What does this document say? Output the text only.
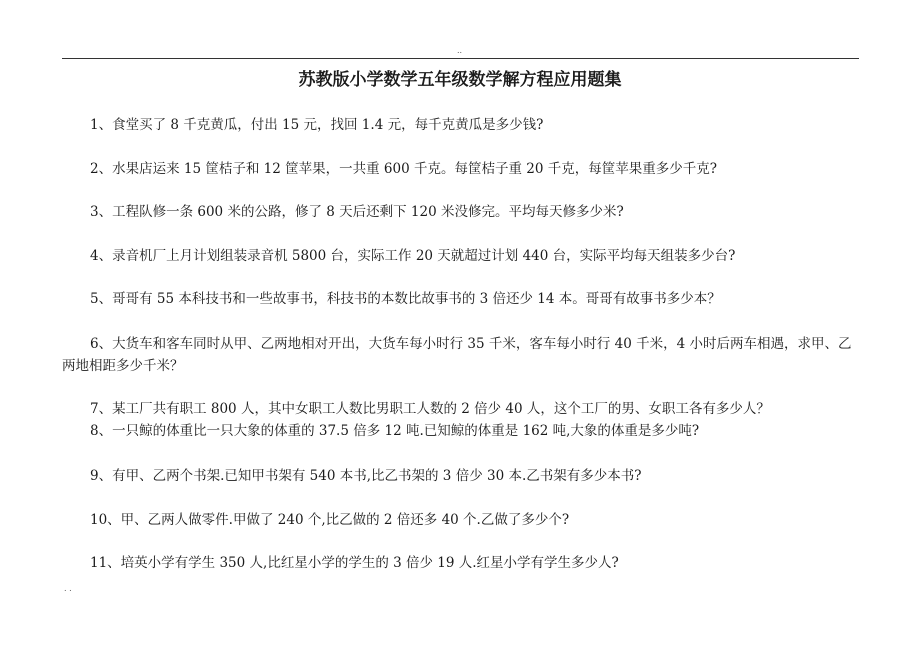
..
苏教版小学数学五年级数学解方程应用题集

1、食堂买了 8 千克黄瓜，付出 15 元，找回 1.4 元，每千克黄瓜是多少钱?

2、水果店运来 15 筐桔子和 12 筐苹果，一共重 600 千克。每筐桔子重 20 千克，每筐苹果重多少千克?

3、工程队修一条 600 米的公路，修了 8 天后还剩下 120 米没修完。平均每天修多少米?

4、录音机厂上月计划组装录音机 5800 台，实际工作 20 天就超过计划 440 台，实际平均每天组装多少台?

5、哥哥有 55 本科技书和一些故事书，科技书的本数比故事书的 3 倍还少 14 本。哥哥有故事书多少本？

6、大货车和客车同时从甲、乙两地相对开出，大货车每小时行 35 千米，客车每小时行 40 千米，4 小时后两车相遇，求甲、乙两地相距多少千米？

7、某工厂共有职工 800 人，其中女职工人数比男职工人数的 2 倍少 40 人，这个工厂的男、女职工各有多少人？

8、一只鲸的体重比一只大象的体重的 37.5 倍多 12 吨.已知鲸的体重是 162 吨,大象的体重是多少吨?

9、有甲、乙两个书架.已知甲书架有 540 本书,比乙书架的 3 倍少 30 本.乙书架有多少本书?

10、甲、乙两人做零件.甲做了 240 个,比乙做的 2 倍还多 40 个.乙做了多少个?

11、培英小学有学生 350 人,比红星小学的学生的 3 倍少 19 人.红星小学有学生多少人?

. .
